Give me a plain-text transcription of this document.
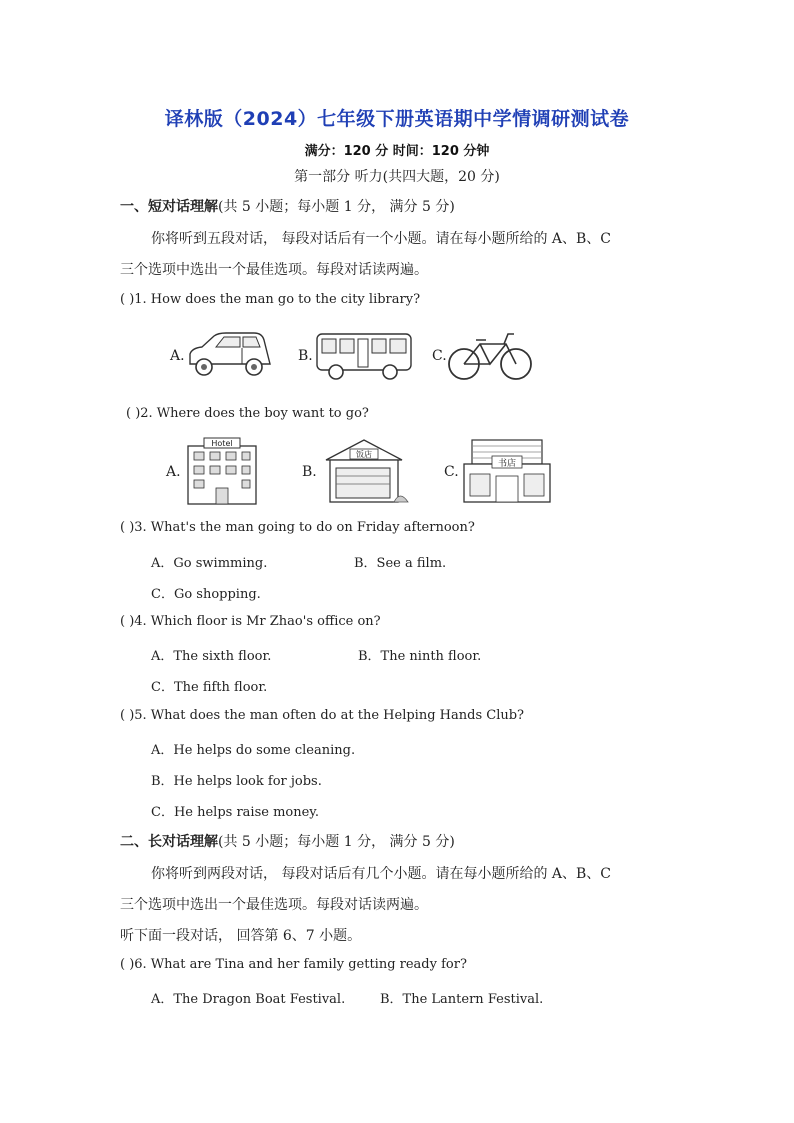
译林版（2024）七年级下册英语期中学情调研测试卷
满分：120 分 时间：120 分钟
第一部分 听力(共四大题，20 分)
一、短对话理解(共 5 小题；每小题 1 分， 满分 5 分)
你将听到五段对话， 每段对话后有一个小题。请在每小题所给的 A、B、C
三个选项中选出一个最佳选项。每段对话读两遍。
( )1. How does the man go to the city library?
A.	B.	C.
( )2. Where does the boy want to go?
A.
Hotel
B.
饭店
C.	书店
( )3. What's the man going to do on Friday afternoon?
A．Go swimming.	B．See a film.
C．Go shopping.
( )4. Which floor is Mr Zhao's office on?
A．The sixth floor.	B．The ninth floor.
C．The fifth floor.
( )5. What does the man often do at the Helping Hands Club?
A．He helps do some cleaning.
B．He helps look for jobs.
C．He helps raise money.
二、长对话理解(共 5 小题；每小题 1 分， 满分 5 分)
你将听到两段对话， 每段对话后有几个小题。请在每小题所给的 A、B、C
三个选项中选出一个最佳选项。每段对话读两遍。
听下面一段对话， 回答第 6、7 小题。
( )6. What are Tina and her family getting ready for?
A．The Dragon Boat Festival.	B．The Lantern Festival.
